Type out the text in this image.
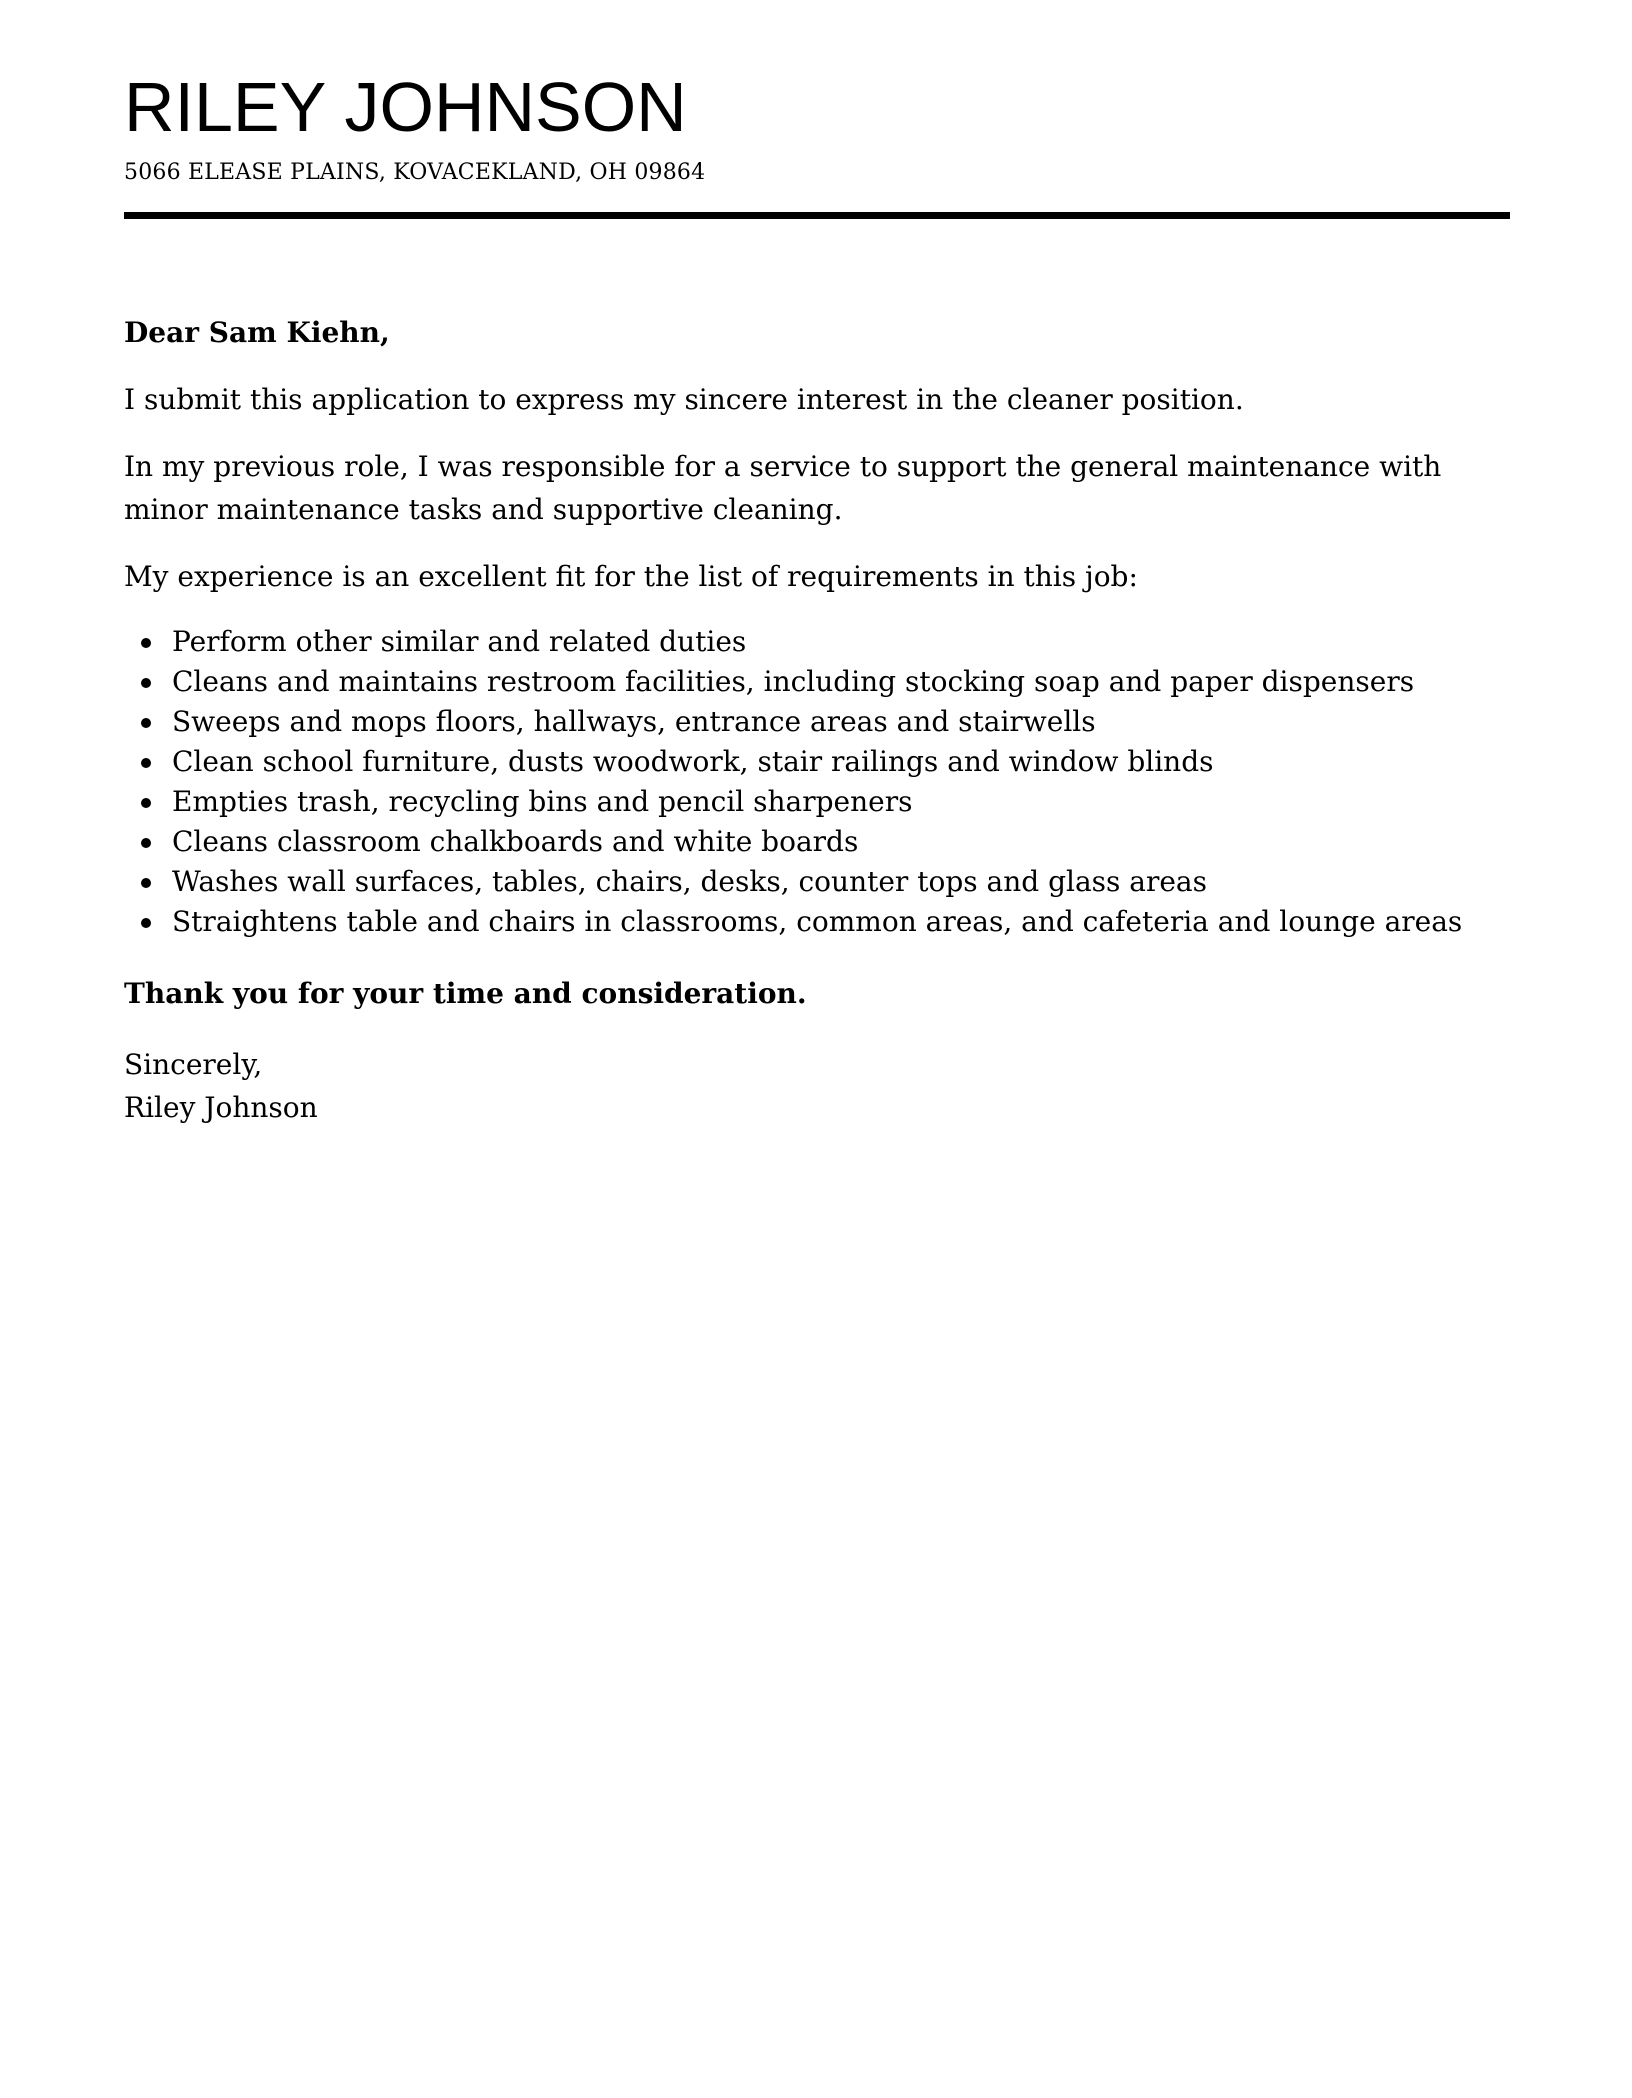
RILEY JOHNSON
5066 ELEASE PLAINS, KOVACEKLAND, OH 09864

Dear Sam Kiehn,

I submit this application to express my sincere interest in the cleaner position.

In my previous role, I was responsible for a service to support the general maintenance with minor maintenance tasks and supportive cleaning.

My experience is an excellent fit for the list of requirements in this job:

Perform other similar and related duties
Cleans and maintains restroom facilities, including stocking soap and paper dispensers
Sweeps and mops floors, hallways, entrance areas and stairwells
Clean school furniture, dusts woodwork, stair railings and window blinds
Empties trash, recycling bins and pencil sharpeners
Cleans classroom chalkboards and white boards
Washes wall surfaces, tables, chairs, desks, counter tops and glass areas
Straightens table and chairs in classrooms, common areas, and cafeteria and lounge areas

Thank you for your time and consideration.

Sincerely,

Riley Johnson
